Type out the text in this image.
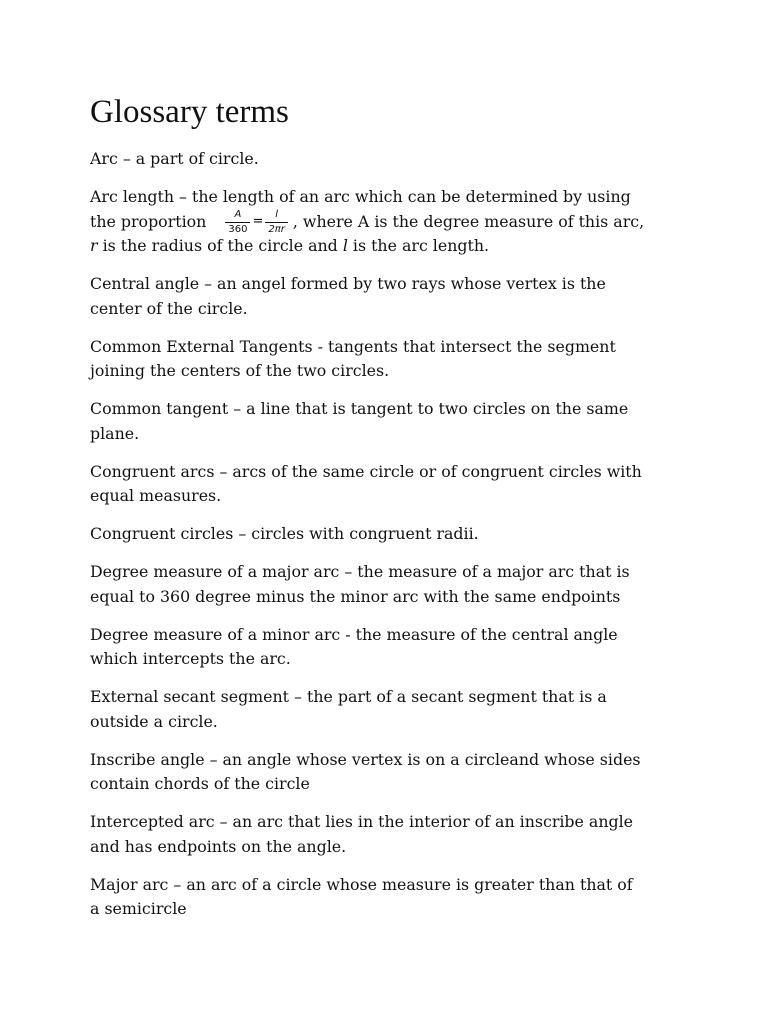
Glossary terms
Arc – a part of circle.
Arc length – the length of an arc which can be determined by using
the proportion $\frac{A}{360} = \frac{l}{2\pi r}$ , where A is the degree measure of this arc,
r is the radius of the circle and l is the arc length.
Central angle – an angel formed by two rays whose vertex is the
center of the circle.
Common External Tangents - tangents that intersect the segment
joining the centers of the two circles.
Common tangent – a line that is tangent to two circles on the same
plane.
Congruent arcs – arcs of the same circle or of congruent circles with
equal measures.
Congruent circles – circles with congruent radii.
Degree measure of a major arc – the measure of a major arc that is
equal to 360 degree minus the minor arc with the same endpoints
Degree measure of a minor arc - the measure of the central angle
which intercepts the arc.
External secant segment – the part of a secant segment that is a
outside a circle.
Inscribe angle – an angle whose vertex is on a circleand whose sides
contain chords of the circle
Intercepted arc – an arc that lies in the interior of an inscribe angle
and has endpoints on the angle.
Major arc – an arc of a circle whose measure is greater than that of
a semicircle
